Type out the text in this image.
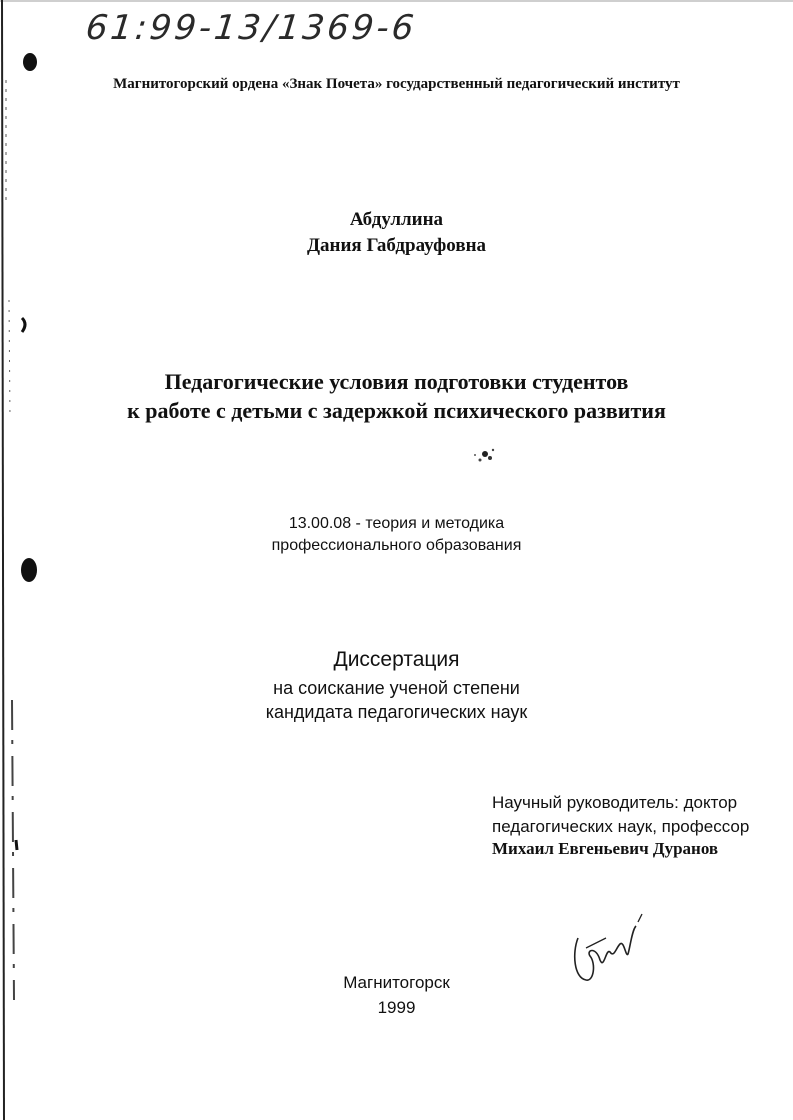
61:99-13/1369-6
Магнитогорский ордена «Знак Почета» государственный педагогический институт
Абдуллина
Дания Габдрауфовна
Педагогические условия подготовки студентов
к работе с детьми с задержкой психического развития
13.00.08 - теория и методика
профессионального образования
Диссертация
на соискание ученой степени
кандидата педагогических наук
Научный руководитель: доктор
педагогических наук, профессор
Михаил Евгеньевич Дуранов
Магнитогорск
1999
